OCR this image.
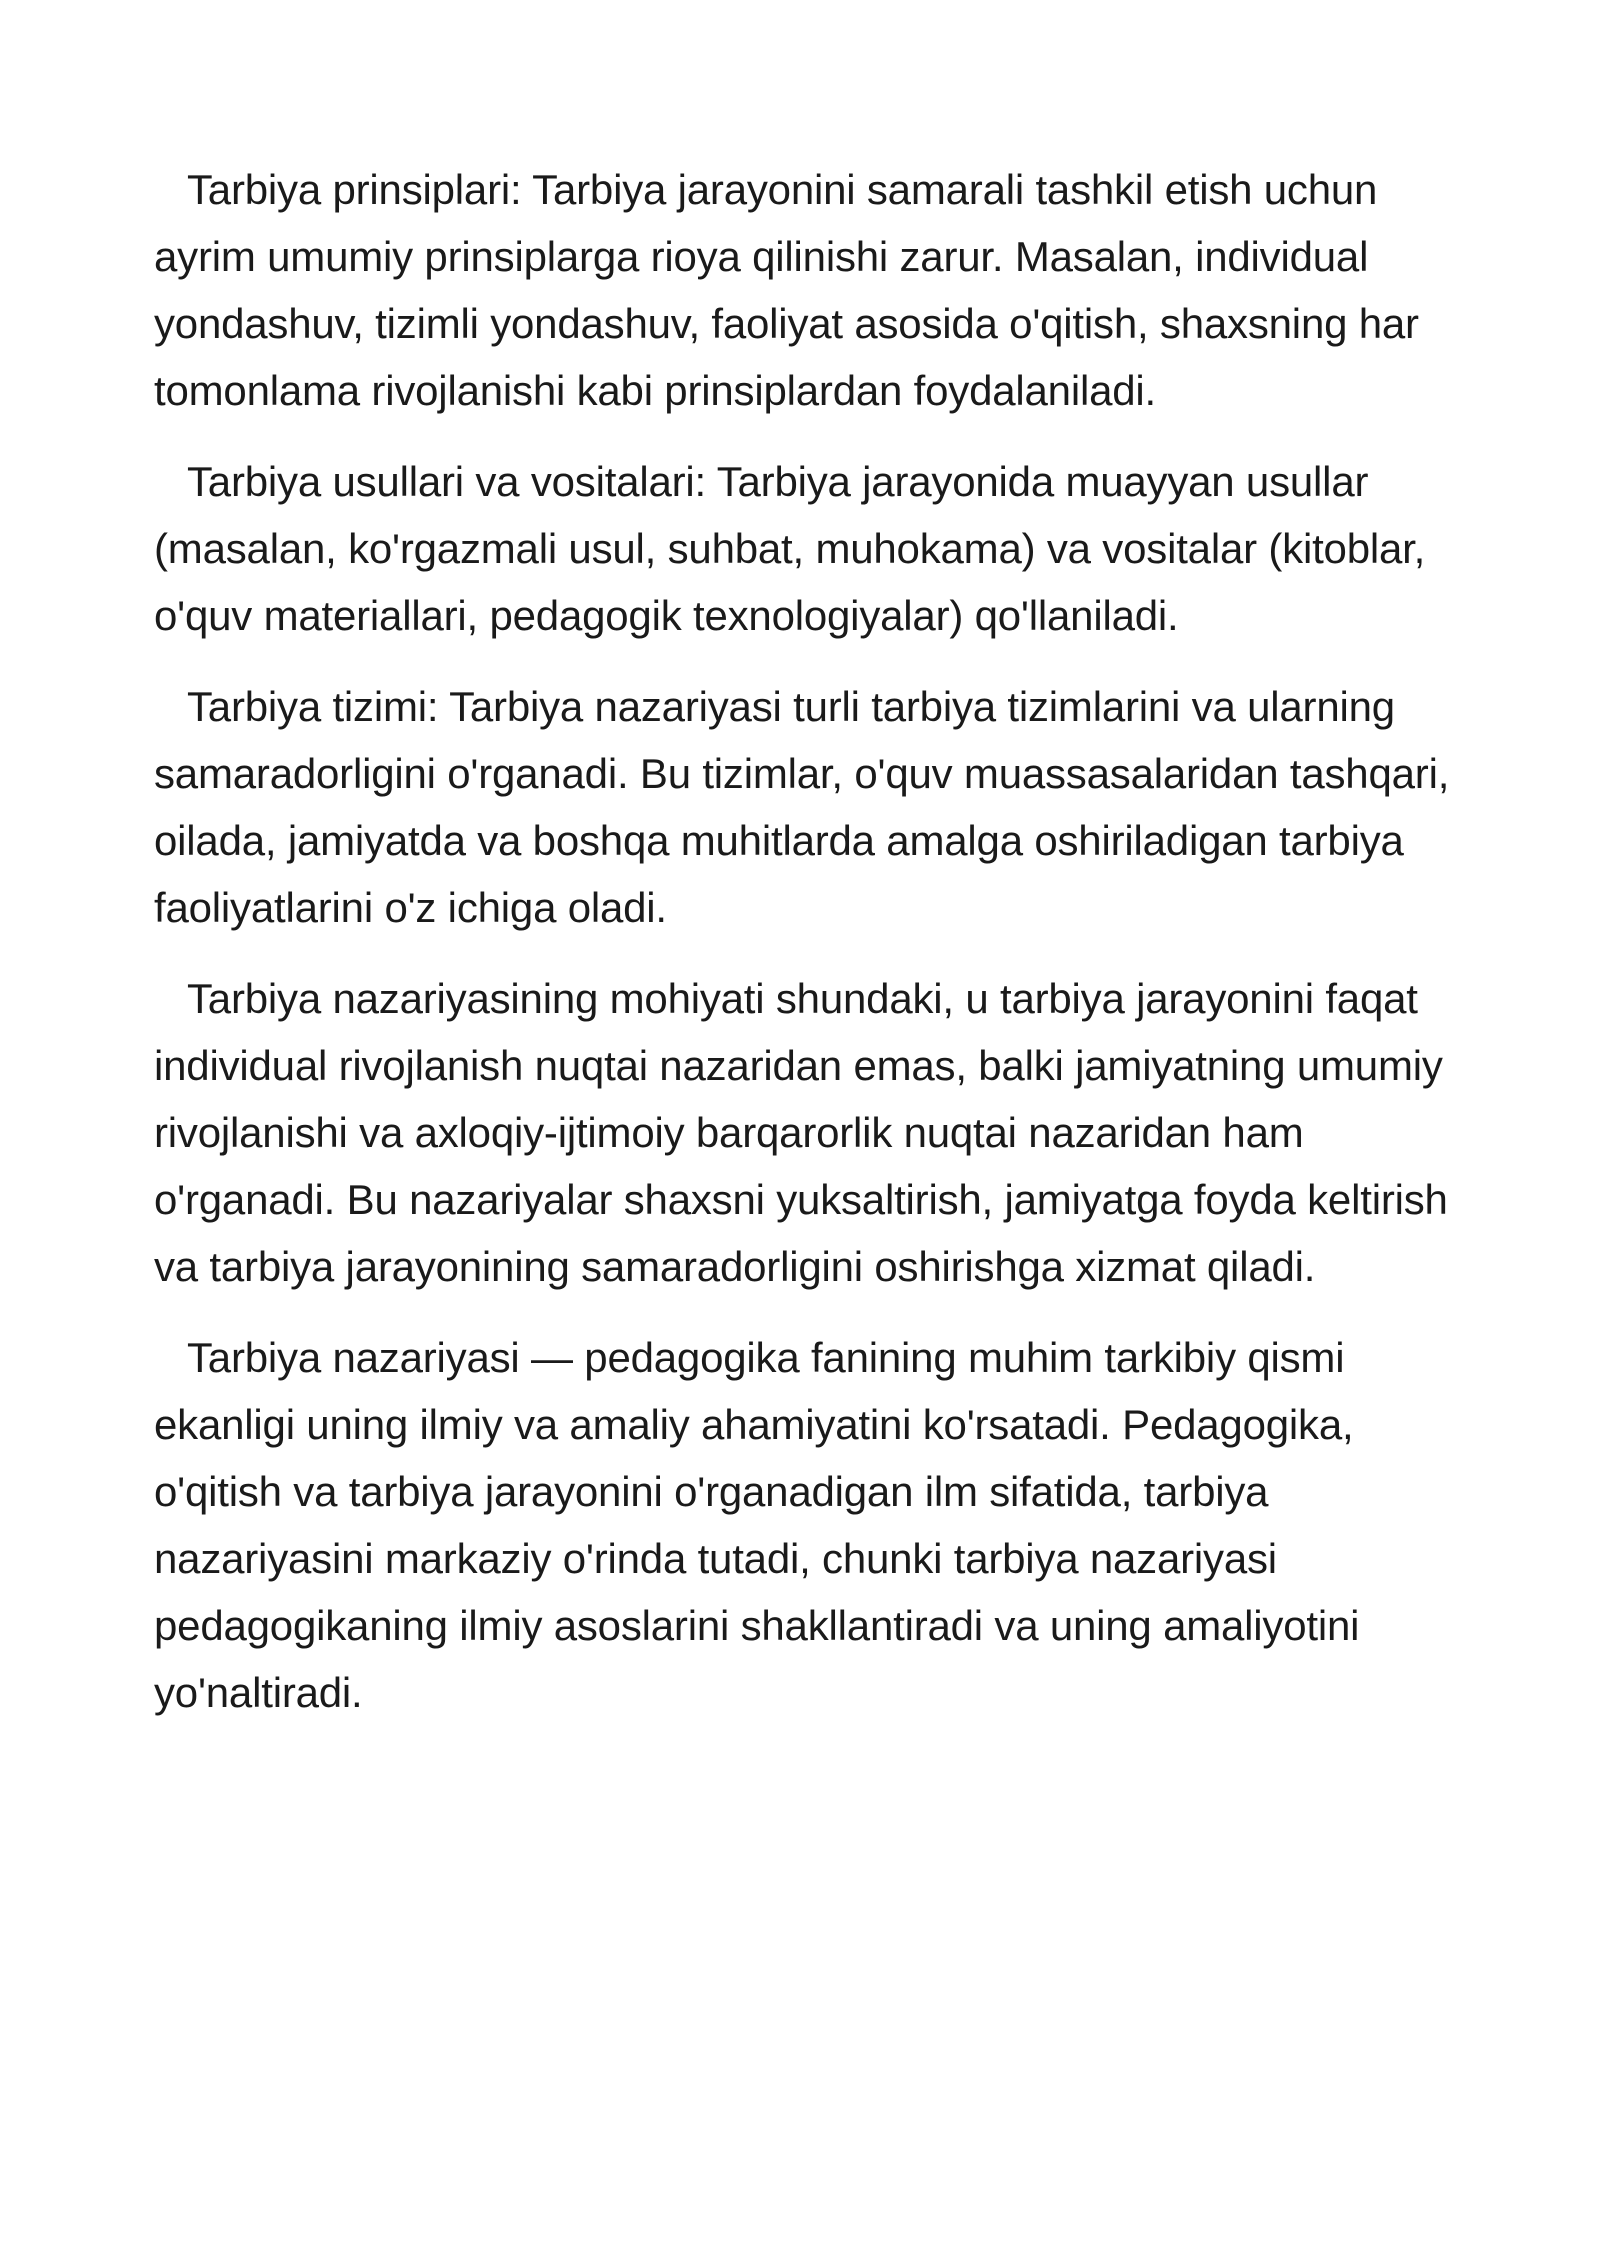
Tarbiya prinsiplari: Tarbiya jarayonini samarali tashkil etish uchun ayrim umumiy prinsiplarga rioya qilinishi zarur. Masalan, individual yondashuv, tizimli yondashuv, faoliyat asosida o'qitish, shaxsning har tomonlama rivojlanishi kabi prinsiplardan foydalaniladi.

Tarbiya usullari va vositalari: Tarbiya jarayonida muayyan usullar (masalan, ko'rgazmali usul, suhbat, muhokama) va vositalar (kitoblar, o'quv materiallari, pedagogik texnologiyalar) qo'llaniladi.

Tarbiya tizimi: Tarbiya nazariyasi turli tarbiya tizimlarini va ularning samaradorligini o'rganadi. Bu tizimlar, o'quv muassasalaridan tashqari, oilada, jamiyatda va boshqa muhitlarda amalga oshiriladigan tarbiya faoliyatlarini o'z ichiga oladi.

Tarbiya nazariyasining mohiyati shundaki, u tarbiya jarayonini faqat individual rivojlanish nuqtai nazaridan emas, balki jamiyatning umumiy rivojlanishi va axloqiy-ijtimoiy barqarorlik nuqtai nazaridan ham o'rganadi. Bu nazariyalar shaxsni yuksaltirish, jamiyatga foyda keltirish va tarbiya jarayonining samaradorligini oshirishga xizmat qiladi.

Tarbiya nazariyasi — pedagogika fanining muhim tarkibiy qismi ekanligi uning ilmiy va amaliy ahamiyatini ko'rsatadi. Pedagogika, o'qitish va tarbiya jarayonini o'rganadigan ilm sifatida, tarbiya nazariyasini markaziy o'rinda tutadi, chunki tarbiya nazariyasi pedagogikaning ilmiy asoslarini shakllantiradi va uning amaliyotini yo'naltiradi.
